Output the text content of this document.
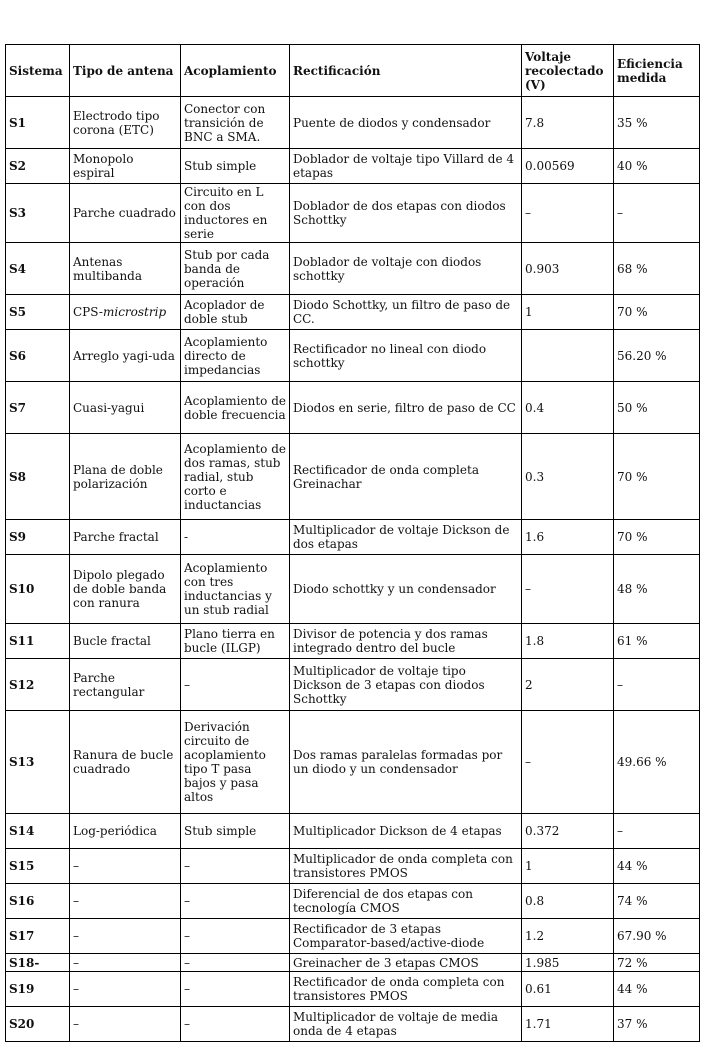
Sistema	Tipo de antena	Acoplamiento	Rectificación	Voltaje recolectado (V)	Eficiencia medida
S1	Electrodo tipo corona (ETC)	Conector con transición de BNC a SMA.	Puente de diodos y condensador	7.8	35 %
S2	Monopolo espiral	Stub simple	Doblador de voltaje tipo Villard de 4 etapas	0.00569	40 %
S3	Parche cuadrado	Circuito en L con dos inductores en serie	Doblador de dos etapas con diodos Schottky	–	–
S4	Antenas multibanda	Stub por cada banda de operación	Doblador de voltaje con diodos schottky	0.903	68 %
S5	CPS-microstrip	Acoplador de doble stub	Diodo Schottky, un filtro de paso de CC.	1	70 %
S6	Arreglo yagi-uda	Acoplamiento directo de impedancias	Rectificador no lineal con diodo schottky		56.20 %
S7	Cuasi-yagui	Acoplamiento de doble frecuencia	Diodos en serie, filtro de paso de CC	0.4	50 %
S8	Plana de doble polarización	Acoplamiento de dos ramas, stub radial, stub corto e inductancias	Rectificador de onda completa Greinachar	0.3	70 %
S9	Parche fractal	-	Multiplicador de voltaje Dickson de dos etapas	1.6	70 %
S10	Dipolo plegado de doble banda con ranura	Acoplamiento con tres inductancias y un stub radial	Diodo schottky y un condensador	–	48 %
S11	Bucle fractal	Plano tierra en bucle (ILGP)	Divisor de potencia y dos ramas integrado dentro del bucle	1.8	61 %
S12	Parche rectangular	–	Multiplicador de voltaje tipo Dickson de 3 etapas con diodos Schottky	2	–
S13	Ranura de bucle cuadrado	Derivación circuito de acoplamiento tipo T pasa bajos y pasa altos	Dos ramas paralelas formadas por un diodo y un condensador	–	49.66 %
S14	Log-periódica	Stub simple	Multiplicador Dickson de 4 etapas	0.372	–
S15	–	–	Multiplicador de onda completa con transistores PMOS	1	44 %
S16	–	–	Diferencial de dos etapas con tecnología CMOS	0.8	74 %
S17	–	–	Rectificador de 3 etapas Comparator-based/active-diode	1.2	67.90 %
S18-	–	–	Greinacher de 3 etapas CMOS	1.985	72 %
S19	–	–	Rectificador de onda completa con transistores PMOS	0.61	44 %
S20	–	–	Multiplicador de voltaje de media onda de 4 etapas	1.71	37 %
